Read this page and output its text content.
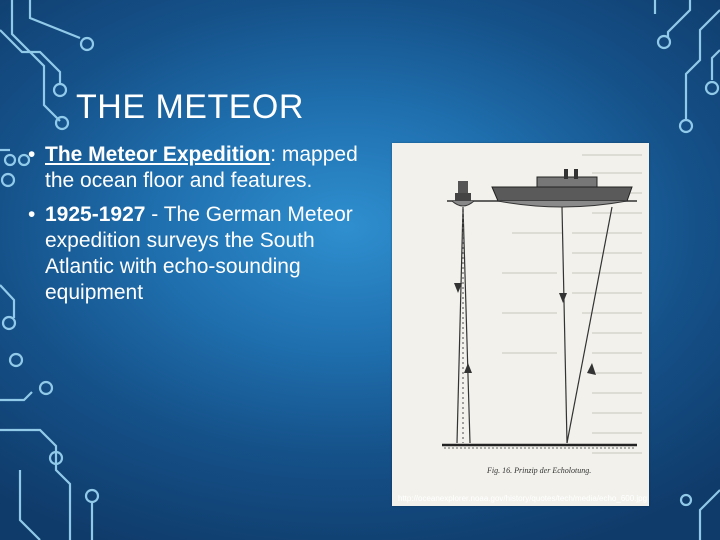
THE METEOR
• The Meteor Expedition: mapped the ocean floor and features.
• 1925-1927 - The German Meteor expedition surveys the South Atlantic with echo-sounding equipment
Fig. 16. Prinzip der Echolotung.
http://oceanexplorer.noaa.gov/history/quotes/tech/media/echo_600.jpg
